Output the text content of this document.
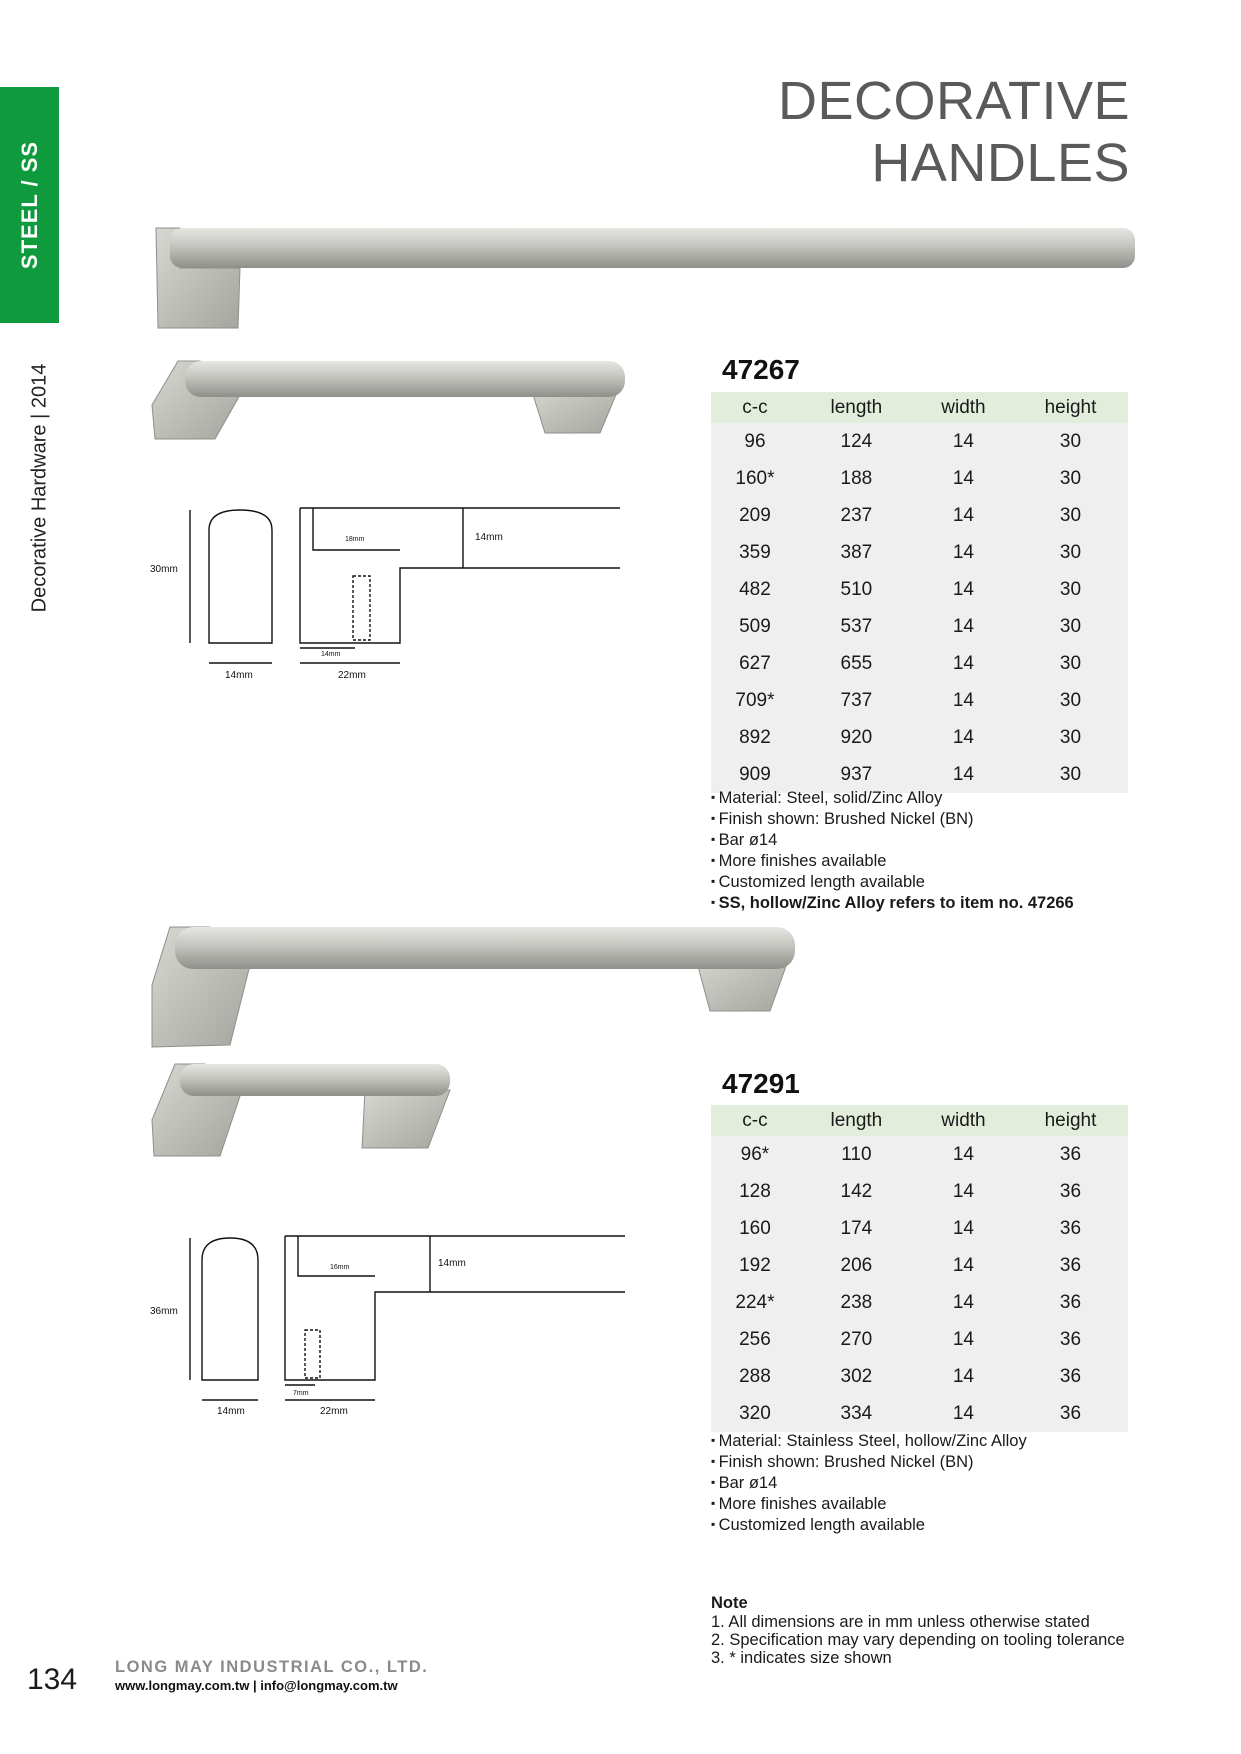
STEEL / SS
Decorative Hardware | 2014
DECORATIVE HANDLES
30mm
14mm
18mm
14mm
14mm	22mm
36mm
14mm
16mm
7mm
14mm	22mm
47267
c-c	length	width	height
96	124	14	30
160*	188	14	30
209	237	14	30
359	387	14	30
482	510	14	30
509	537	14	30
627	655	14	30
709*	737	14	30
892	920	14	30
909	937	14	30
▪ Material: Steel, solid/Zinc Alloy
▪ Finish shown: Brushed Nickel (BN)
▪ Bar ø14
▪ More finishes available
▪ Customized length available
▪ SS, hollow/Zinc Alloy refers to item no. 47266
47291
c-c	length	width	height
96*	110	14	36
128	142	14	36
160	174	14	36
192	206	14	36
224*	238	14	36
256	270	14	36
288	302	14	36
320	334	14	36
▪ Material: Stainless Steel, hollow/Zinc Alloy
▪ Finish shown: Brushed Nickel (BN)
▪ Bar ø14
▪ More finishes available
▪ Customized length available
Note
1. All dimensions are in mm unless otherwise stated
2. Specification may vary depending on tooling tolerance
3. * indicates size shown
134 LONG MAY INDUSTRIAL CO., LTD.
www.longmay.com.tw | info@longmay.com.tw
